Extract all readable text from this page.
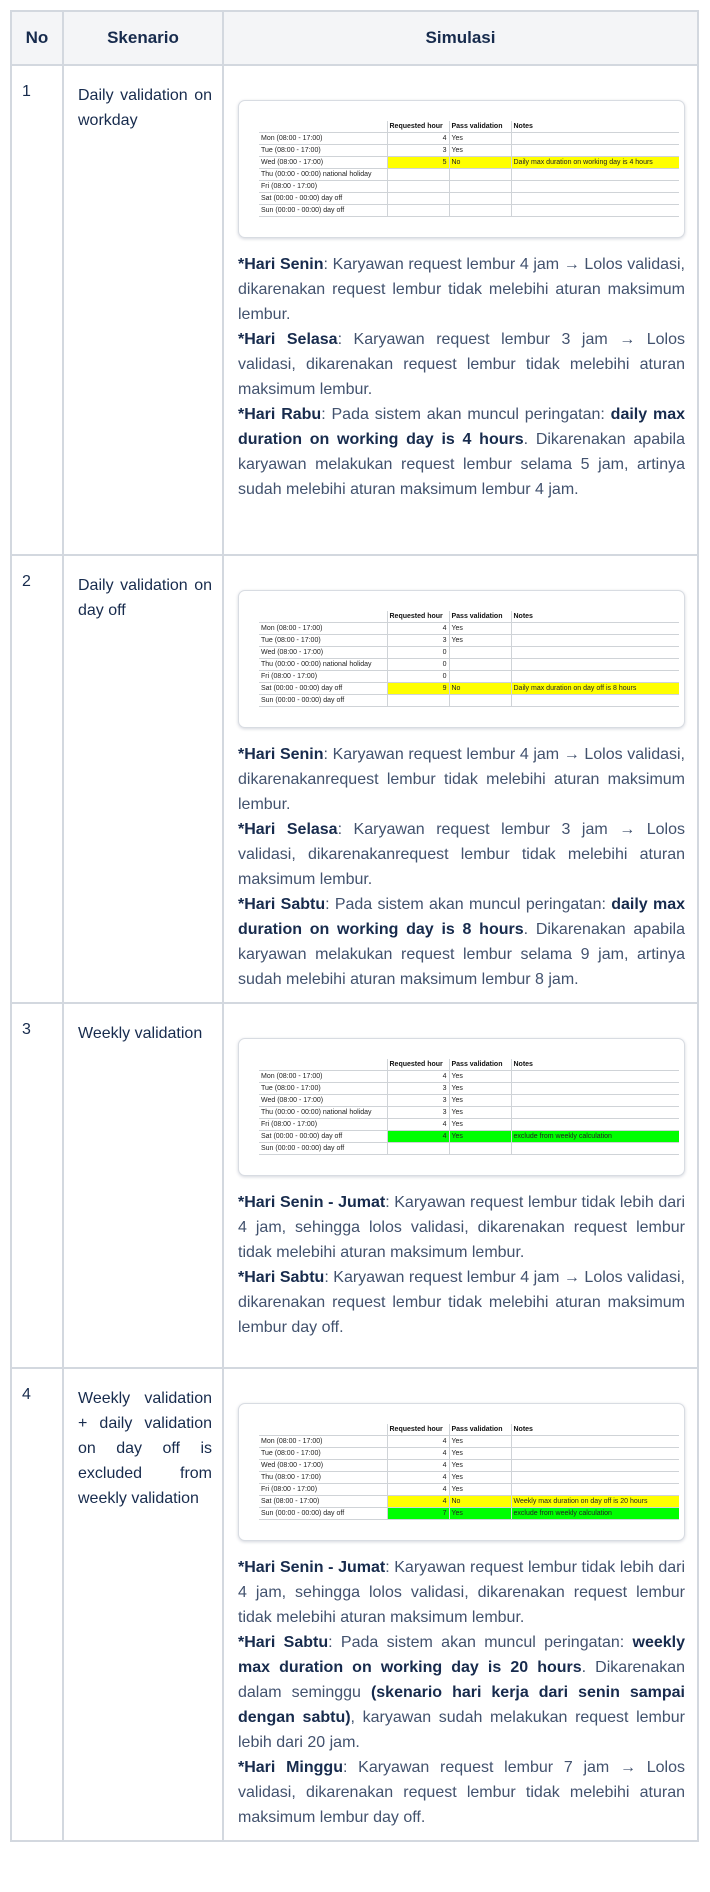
No	Skenario	Simulasi
1	Daily validation on workday	
		Requested hour	Pass validation	Notes
Mon (08:00 - 17:00)	4	Yes	
Tue (08:00 - 17:00)	3	Yes	
Wed (08:00 - 17:00)	5	No	Daily max duration on working day is 4 hours
Thu (00:00 - 00:00) national holiday			
Fri (08:00 - 17:00)			
Sat (00:00 - 00:00) day off			
Sun (00:00 - 00:00) day off			

*Hari Senin: Karyawan request lembur 4 jam → Lolos validasi, dikarenakan request lembur tidak melebihi aturan maksimum lembur.

*Hari Selasa: Karyawan request lembur 3 jam → Lolos validasi, dikarenakan request lembur tidak melebihi aturan maksimum lembur.

*Hari Rabu: Pada sistem akan muncul peringatan: daily max duration on working day is 4 hours. Dikarenakan apabila karyawan melakukan request lembur selama 5 jam, artinya sudah melebihi aturan maksimum lembur 4 jam.

2	Daily validation on day off	
		Requested hour	Pass validation	Notes
Mon (08:00 - 17:00)	4	Yes	
Tue (08:00 - 17:00)	3	Yes	
Wed (08:00 - 17:00)	0		
Thu (00:00 - 00:00) national holiday	0		
Fri (08:00 - 17:00)	0		
Sat (00:00 - 00:00) day off	9	No	Daily max duration on day off is 8 hours
Sun (00:00 - 00:00) day off			

*Hari Senin: Karyawan request lembur 4 jam → Lolos validasi, dikarenakanrequest lembur tidak melebihi aturan maksimum lembur.

*Hari Selasa: Karyawan request lembur 3 jam → Lolos validasi, dikarenakanrequest lembur tidak melebihi aturan maksimum lembur.

*Hari Sabtu: Pada sistem akan muncul peringatan: daily max duration on working day is 8 hours. Dikarenakan apabila karyawan melakukan request lembur selama 9 jam, artinya sudah melebihi aturan maksimum lembur 8 jam.

3	Weekly validation	
	Requested hour	Pass validation	Notes
Mon (08:00 - 17:00)	4	Yes	
Tue (08:00 - 17:00)	3	Yes	
Wed (08:00 - 17:00)	3	Yes	
Thu (00:00 - 00:00) national holiday	3	Yes	
Fri (08:00 - 17:00)	4	Yes	
Sat (00:00 - 00:00) day off	4	Yes	exclude from weekly calculation
Sun (00:00 - 00:00) day off			

*Hari Senin - Jumat: Karyawan request lembur tidak lebih dari 4 jam, sehingga lolos validasi, dikarenakan request lembur tidak melebihi aturan maksimum lembur.

*Hari Sabtu: Karyawan request lembur 4 jam → Lolos validasi, dikarenakan request lembur tidak melebihi aturan maksimum lembur day off.

4	Weekly validation + daily validation on day off is excluded from weekly validation	
	Requested hour	Pass validation	Notes
Mon (08:00 - 17:00)	4	Yes	
Tue (08:00 - 17:00)	4	Yes	
Wed (08:00 - 17:00)	4	Yes	
Thu (08:00 - 17:00)	4	Yes	
Fri (08:00 - 17:00)	4	Yes	
Sat (08:00 - 17:00)	4	No	Weekly max duration on day off is 20 hours
Sun (00:00 - 00:00) day off	7	Yes	exclude from weekly calculation

*Hari Senin - Jumat: Karyawan request lembur tidak lebih dari 4 jam, sehingga lolos validasi, dikarenakan request lembur tidak melebihi aturan maksimum lembur.

*Hari Sabtu: Pada sistem akan muncul peringatan: weekly max duration on working day is 20 hours. Dikarenakan dalam seminggu (skenario hari kerja dari senin sampai dengan sabtu), karyawan sudah melakukan request lembur lebih dari 20 jam.

*Hari Minggu: Karyawan request lembur 7 jam → Lolos validasi, dikarenakan request lembur tidak melebihi aturan maksimum lembur day off.
